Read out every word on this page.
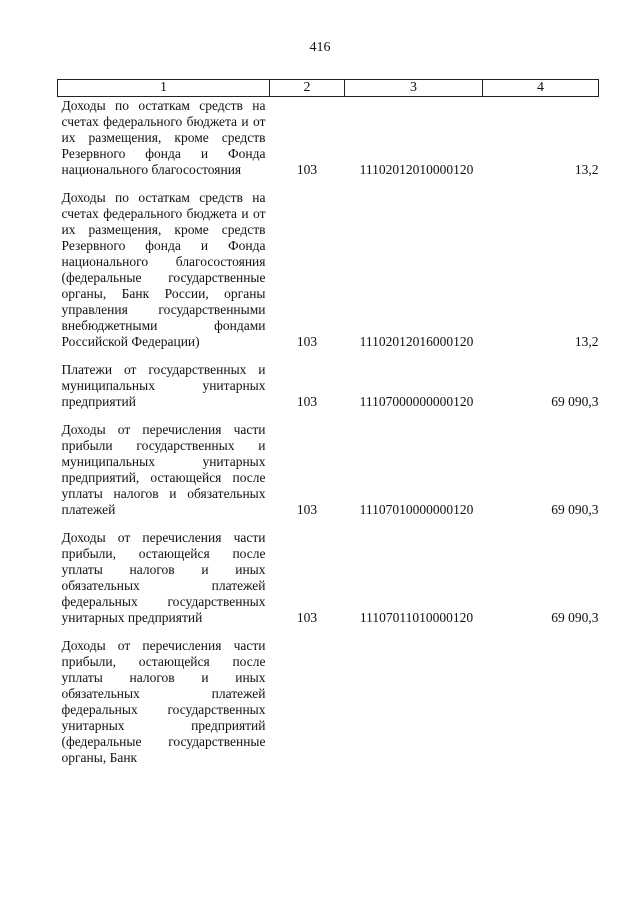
416
1	2	3	4
Доходы по остаткам средств на счетах федерального бюджета и от их размещения, кроме средств Резервного фонда и Фонда национального благосостояния	103	11102012010000120	13,2
Доходы по остаткам средств на счетах федерального бюджета и от их размещения, кроме средств Резервного фонда и Фонда национального благосостояния (федеральные государственные органы, Банк России, органы управления государственными внебюджетными фондами Российской Федерации)	103	11102012016000120	13,2
Платежи от государственных и муниципальных унитарных предприятий	103	11107000000000120	69 090,3
Доходы от перечисления части прибыли государственных и муниципальных унитарных предприятий, остающейся после уплаты налогов и обязательных платежей	103	11107010000000120	69 090,3
Доходы от перечисления части прибыли, остающейся после уплаты налогов и иных обязательных платежей федеральных государственных унитарных предприятий	103	11107011010000120	69 090,3
Доходы от перечисления части прибыли, остающейся после уплаты налогов и иных обязательных платежей федеральных государственных унитарных предприятий (федеральные государственные органы, Банк			
